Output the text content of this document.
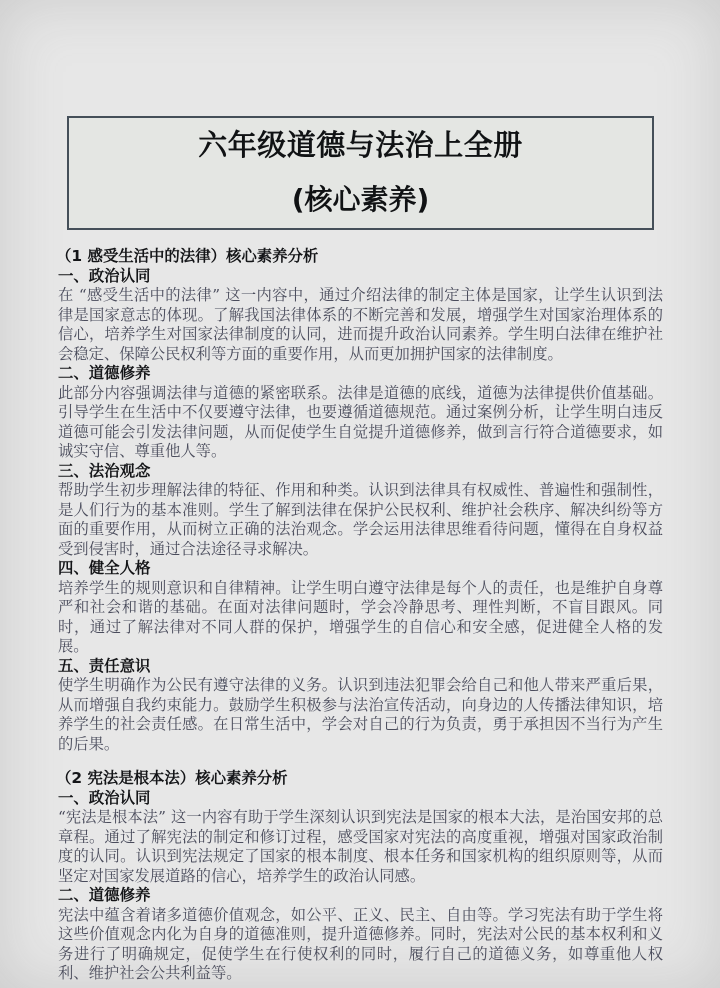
六年级道德与法治上全册
(核心素养)
（1 感受生活中的法律）核心素养分析
一、政治认同

在 “感受生活中的法律” 这一内容中，通过介绍法律的制定主体是国家，让学生认识到法律是国家意志的体现。了解我国法律体系的不断完善和发展，增强学生对国家治理体系的信心，培养学生对国家法律制度的认同，进而提升政治认同素养。学生明白法律在维护社会稳定、保障公民权利等方面的重要作用，从而更加拥护国家的法律制度。

二、道德修养

此部分内容强调法律与道德的紧密联系。法律是道德的底线，道德为法律提供价值基础。引导学生在生活中不仅要遵守法律，也要遵循道德规范。通过案例分析，让学生明白违反道德可能会引发法律问题，从而促使学生自觉提升道德修养，做到言行符合道德要求，如诚实守信、尊重他人等。

三、法治观念

帮助学生初步理解法律的特征、作用和种类。认识到法律具有权威性、普遍性和强制性，是人们行为的基本准则。学生了解到法律在保护公民权利、维护社会秩序、解决纠纷等方面的重要作用，从而树立正确的法治观念。学会运用法律思维看待问题，懂得在自身权益受到侵害时，通过合法途径寻求解决。

四、健全人格

培养学生的规则意识和自律精神。让学生明白遵守法律是每个人的责任，也是维护自身尊严和社会和谐的基础。在面对法律问题时，学会冷静思考、理性判断，不盲目跟风。同时，通过了解法律对不同人群的保护，增强学生的自信心和安全感，促进健全人格的发展。

五、责任意识

使学生明确作为公民有遵守法律的义务。认识到违法犯罪会给自己和他人带来严重后果，从而增强自我约束能力。鼓励学生积极参与法治宣传活动，向身边的人传播法律知识，培养学生的社会责任感。在日常生活中，学会对自己的行为负责，勇于承担因不当行为产生的后果。

（2 宪法是根本法）核心素养分析
一、政治认同

“宪法是根本法” 这一内容有助于学生深刻认识到宪法是国家的根本大法，是治国安邦的总章程。通过了解宪法的制定和修订过程，感受国家对宪法的高度重视，增强对国家政治制度的认同。认识到宪法规定了国家的根本制度、根本任务和国家机构的组织原则等，从而坚定对国家发展道路的信心，培养学生的政治认同感。

二、道德修养

宪法中蕴含着诸多道德价值观念，如公平、正义、民主、自由等。学习宪法有助于学生将这些价值观念内化为自身的道德准则，提升道德修养。同时，宪法对公民的基本权利和义务进行了明确规定，促使学生在行使权利的同时，履行自己的道德义务，如尊重他人权利、维护社会公共利益等。
